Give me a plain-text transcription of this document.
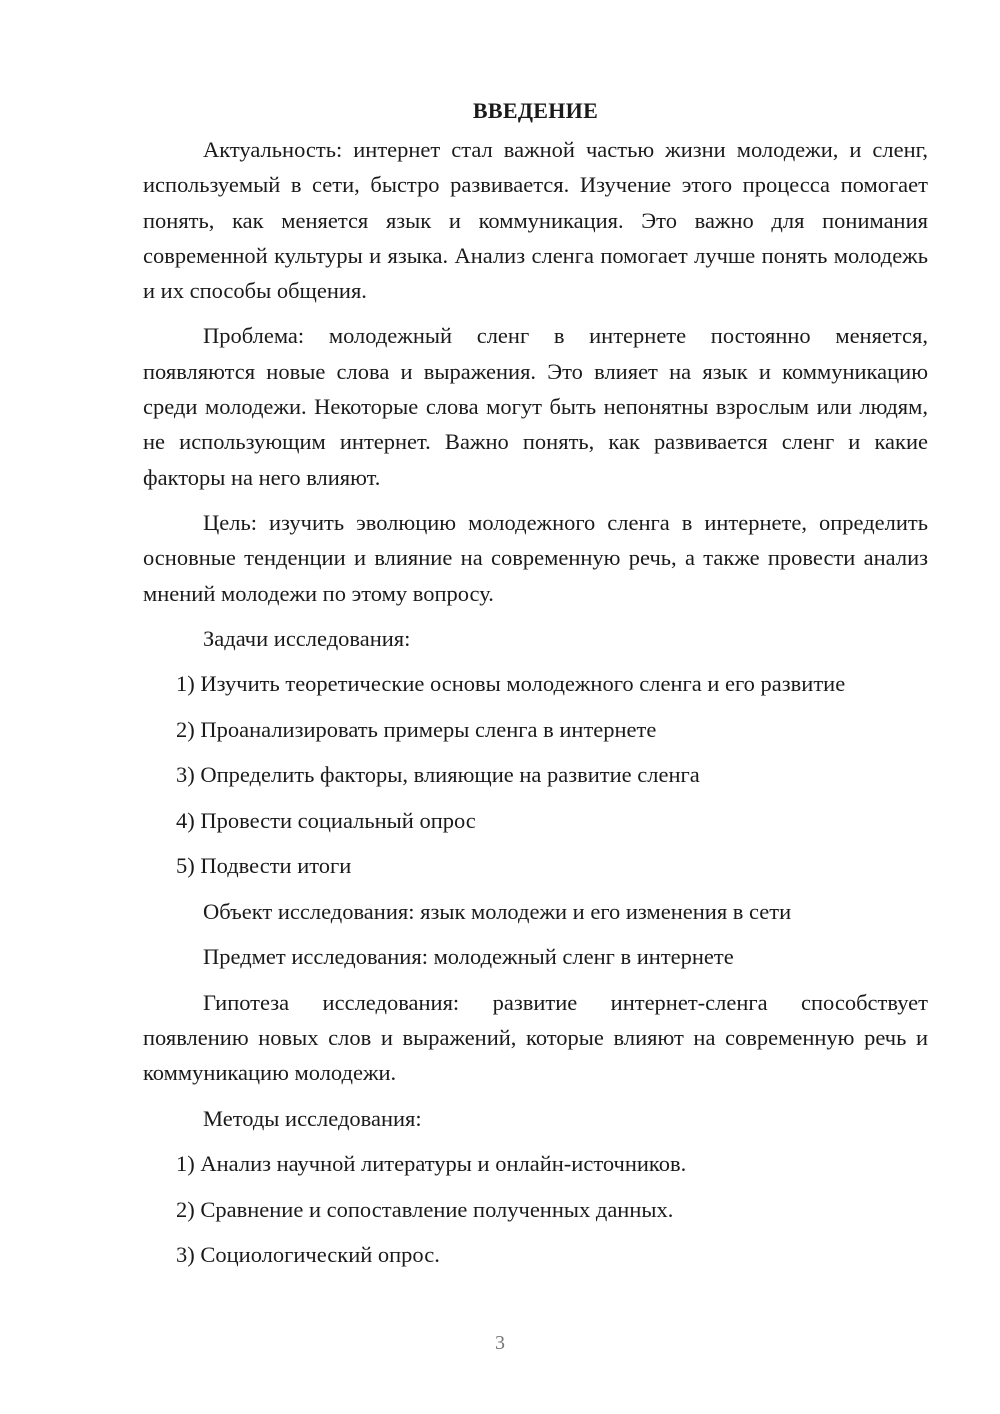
ВВЕДЕНИЕ

Актуальность: интернет стал важной частью жизни молодежи, и сленг, используемый в сети, быстро развивается. Изучение этого процесса помогает понять, как меняется язык и коммуникация. Это важно для понимания современной культуры и языка. Анализ сленга помогает лучше понять молодежь и их способы общения.

Проблема: молодежный сленг в интернете постоянно меняется, появляются новые слова и выражения. Это влияет на язык и коммуникацию среди молодежи. Некоторые слова могут быть непонятны взрослым или людям, не использующим интернет. Важно понять, как развивается сленг и какие факторы на него влияют.

Цель: изучить эволюцию молодежного сленга в интернете, определить основные тенденции и влияние на современную речь, а также провести анализ мнений молодежи по этому вопросу.

Задачи исследования:
1) Изучить теоретические основы молодежного сленга и его развитие
2) Проанализировать примеры сленга в интернете
3) Определить факторы, влияющие на развитие сленга
4) Провести социальный опрос
5) Подвести итоги
Объект исследования: язык молодежи и его изменения в сети
Предмет исследования: молодежный сленг в интернете

Гипотеза исследования: развитие интернет-сленга способствует появлению новых слов и выражений, которые влияют на современную речь и коммуникацию молодежи.

Методы исследования:
1) Анализ научной литературы и онлайн-источников.
2) Сравнение и сопоставление полученных данных.
3) Социологический опрос.
3
